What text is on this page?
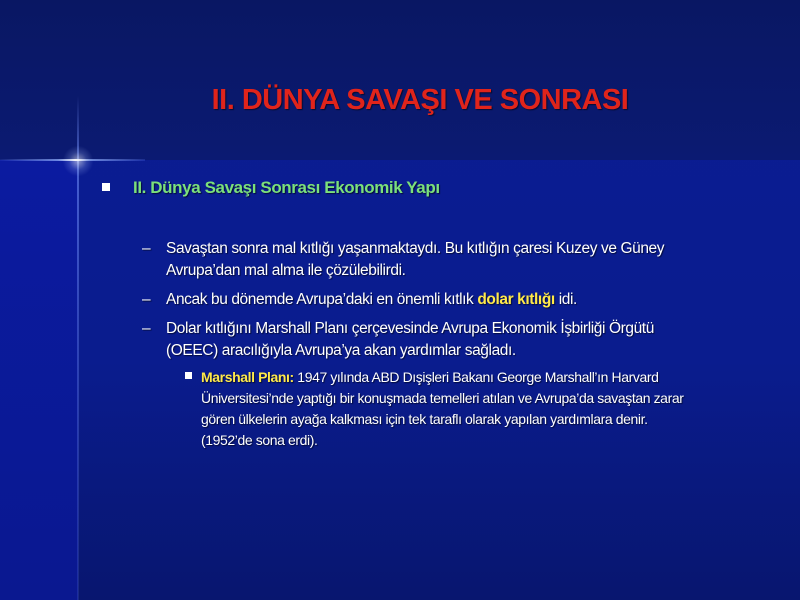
II. DÜNYA SAVAŞI VE SONRASI
II. Dünya Savaşı Sonrası Ekonomik Yapı
– Savaştan sonra mal kıtlığı yaşanmaktaydı. Bu kıtlığın çaresi Kuzey ve Güney
Avrupa’dan mal alma ile çözülebilirdi.
– Ancak bu dönemde Avrupa’daki en önemli kıtlık dolar kıtlığı idi.
– Dolar kıtlığını Marshall Planı çerçevesinde Avrupa Ekonomik İşbirliği Örgütü
(OEEC) aracılığıyla Avrupa’ya akan yardımlar sağladı.
Marshall Planı: 1947 yılında ABD Dışişleri Bakanı George Marshall’ın Harvard
Üniversitesi’nde yaptığı bir konuşmada temelleri atılan ve Avrupa’da savaştan zarar
gören ülkelerin ayağa kalkması için tek taraflı olarak yapılan yardımlara denir.
(1952’de sona erdi).
